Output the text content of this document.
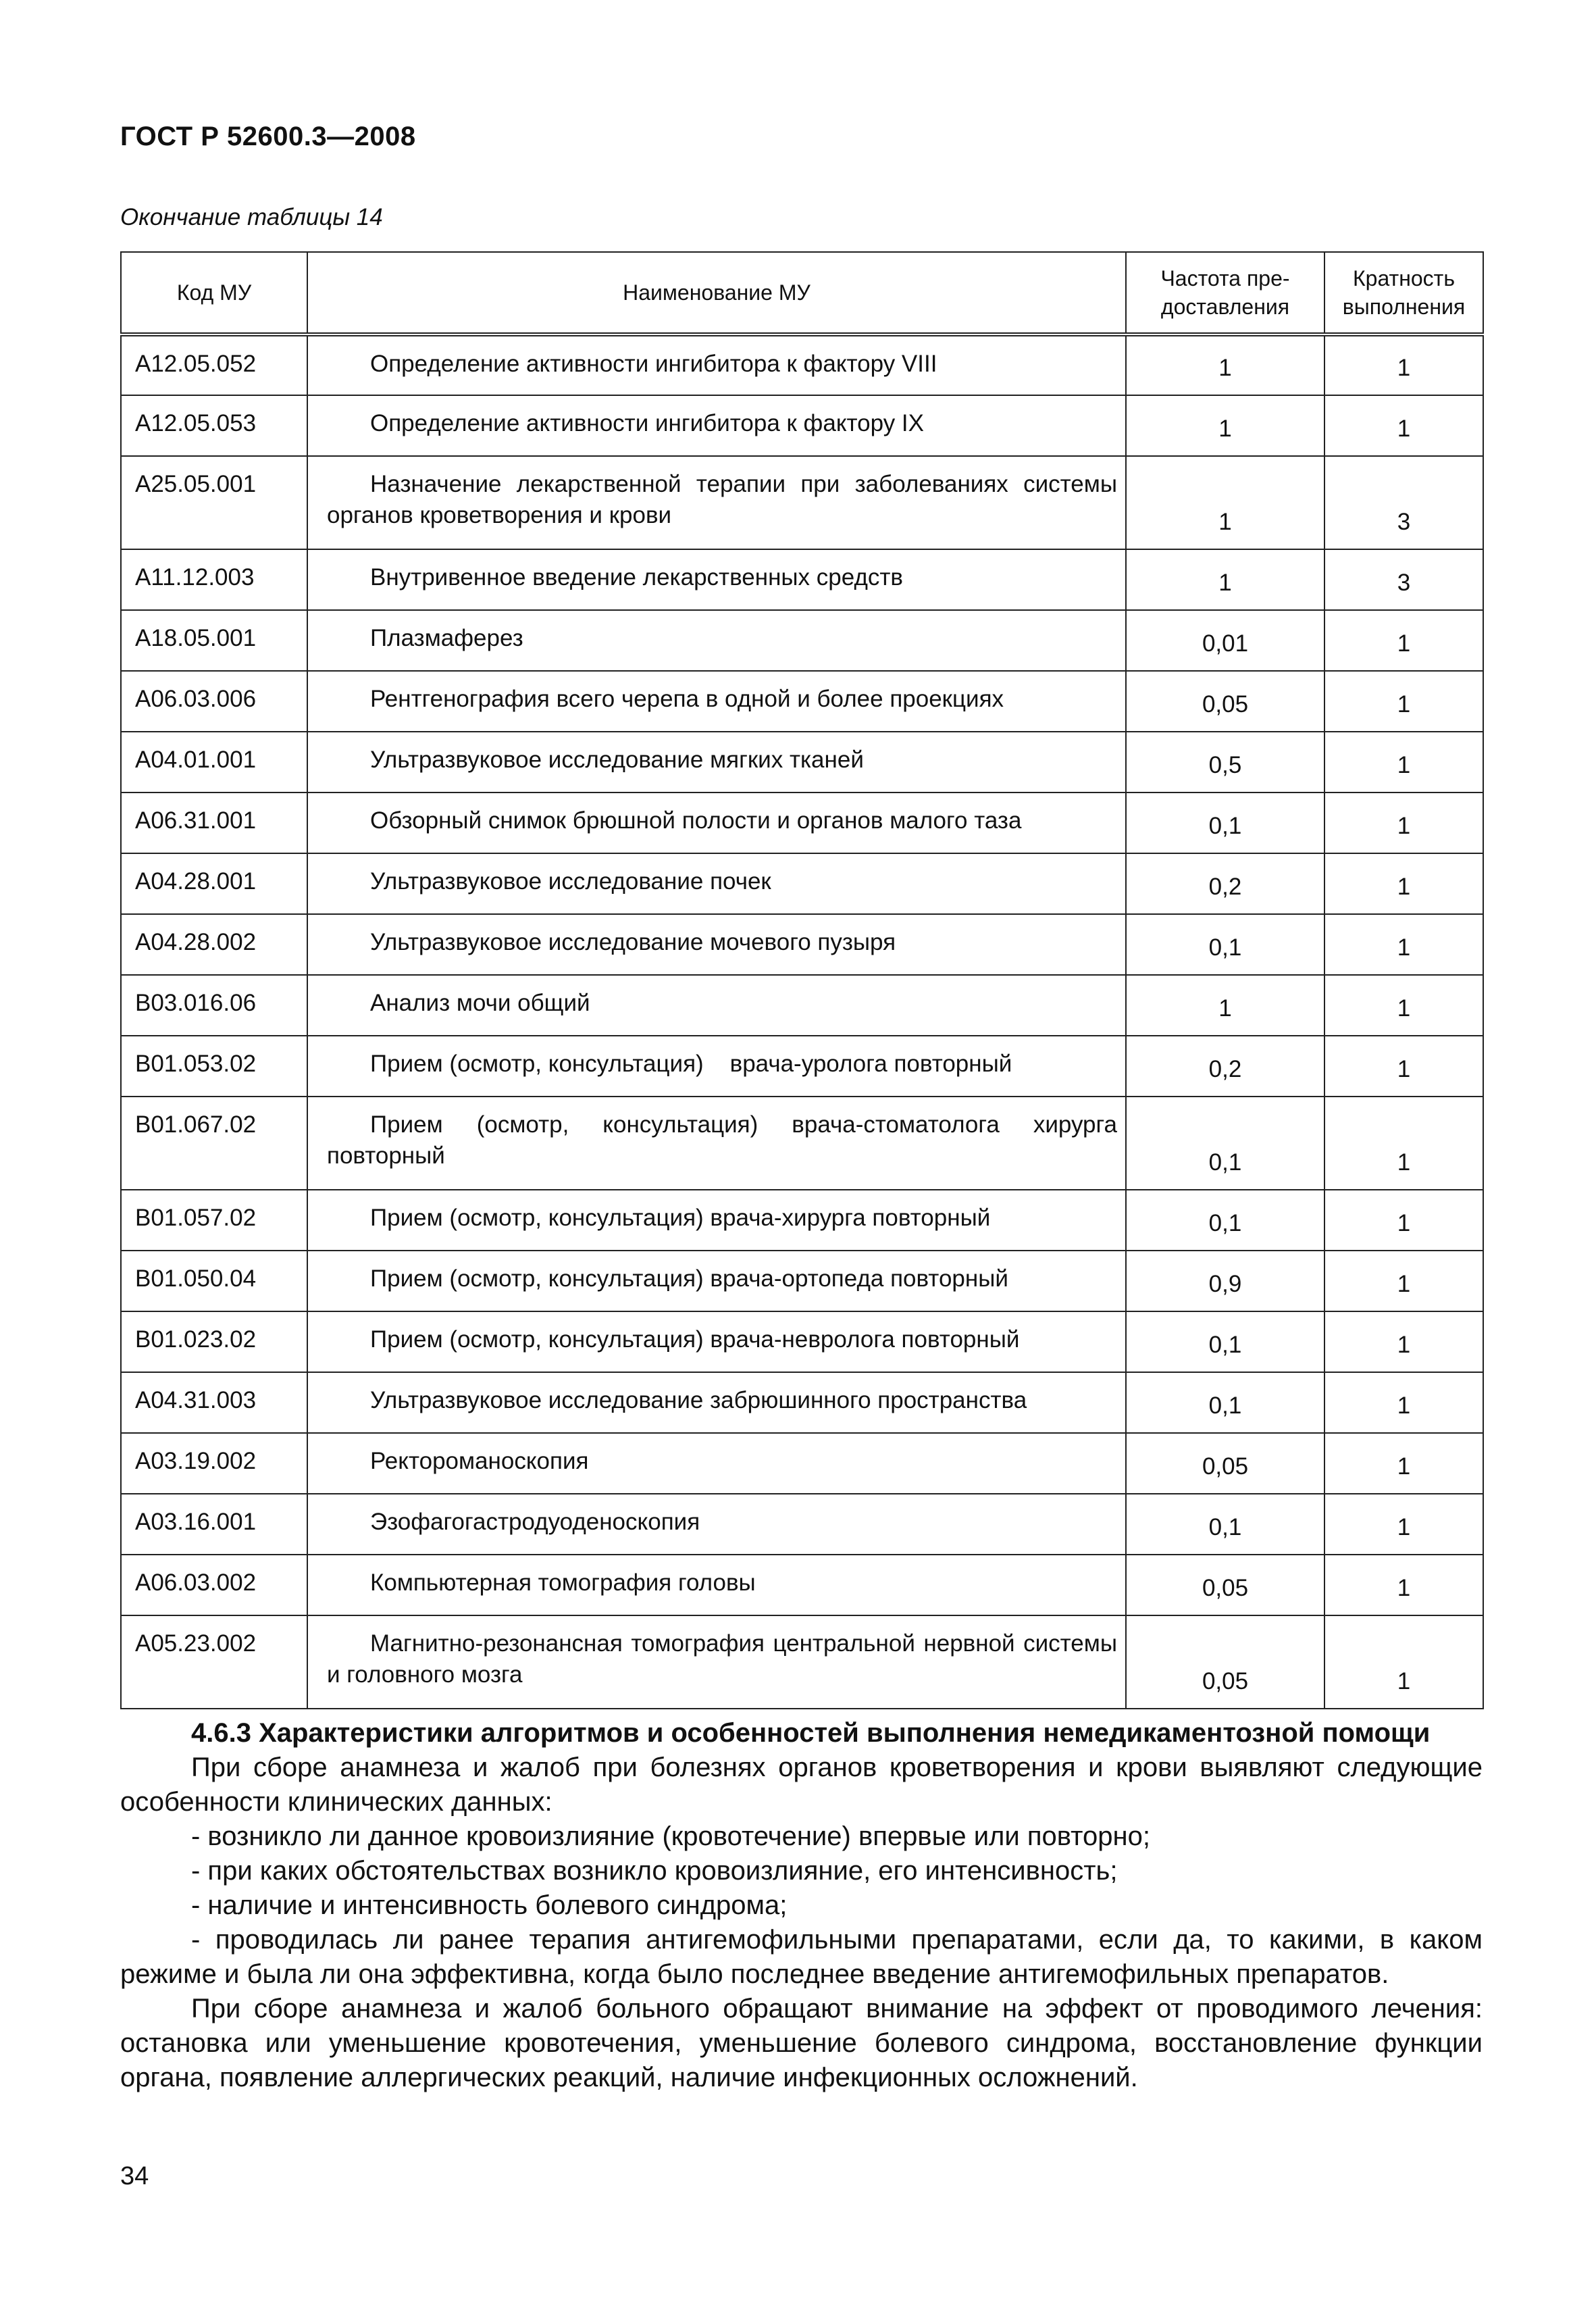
ГОСТ Р 52600.3—2008
Окончание таблицы 14
Код МУ	Наименование МУ	Частота пре-доставления	Кратность выполнения
A12.05.052	Определение активности ингибитора к фактору VIII	1	1
A12.05.053	Определение активности ингибитора к фактору IX	1	1
A25.05.001	Назначение лекарственной терапии при заболеваниях системы органов кроветворения и крови	1	3
A11.12.003	Внутривенное введение лекарственных средств	1	3
A18.05.001	Плазмаферез	0,01	1
A06.03.006	Рентгенография всего черепа в одной и более проекциях	0,05	1
A04.01.001	Ультразвуковое исследование мягких тканей	0,5	1
A06.31.001	Обзорный снимок брюшной полости и органов малого таза	0,1	1
A04.28.001	Ультразвуковое исследование почек	0,2	1
A04.28.002	Ультразвуковое исследование мочевого пузыря	0,1	1
B03.016.06	Анализ мочи общий	1	1
B01.053.02	Прием (осмотр, консультация)    врача-уролога повторный	0,2	1
B01.067.02	Прием (осмотр, консультация) врача-стоматолога хирурга повторный	0,1	1
B01.057.02	Прием (осмотр, консультация) врача-хирурга повторный	0,1	1
B01.050.04	Прием (осмотр, консультация) врача-ортопеда повторный	0,9	1
B01.023.02	Прием (осмотр, консультация) врача-невролога повторный	0,1	1
A04.31.003	Ультразвуковое исследование забрюшинного пространства	0,1	1
A03.19.002	Ректороманоскопия	0,05	1
A03.16.001	Эзофагогастродуоденоскопия	0,1	1
A06.03.002	Компьютерная томография головы	0,05	1
A05.23.002	Магнитно-резонансная томография центральной нервной системы и головного мозга	0,05	1

4.6.3 Характеристики алгоритмов и особенностей выполнения немедикаментозной помощи

При сборе анамнеза и жалоб при болезнях органов кроветворения и крови выявляют следующие особенности клинических данных:

- возникло ли данное кровоизлияние (кровотечение) впервые или повторно;

- при каких обстоятельствах возникло кровоизлияние, его интенсивность;

- наличие и интенсивность болевого синдрома;

- проводилась ли ранее терапия антигемофильными препаратами, если да, то какими, в каком режиме и была ли она эффективна, когда было последнее введение антигемофильных препаратов.

При сборе анамнеза и жалоб больного обращают внимание на эффект от проводимого лечения: остановка или уменьшение кровотечения, уменьшение болевого синдрома, восстановление функции органа, появление аллергических реакций, наличие инфекционных осложнений.

34
